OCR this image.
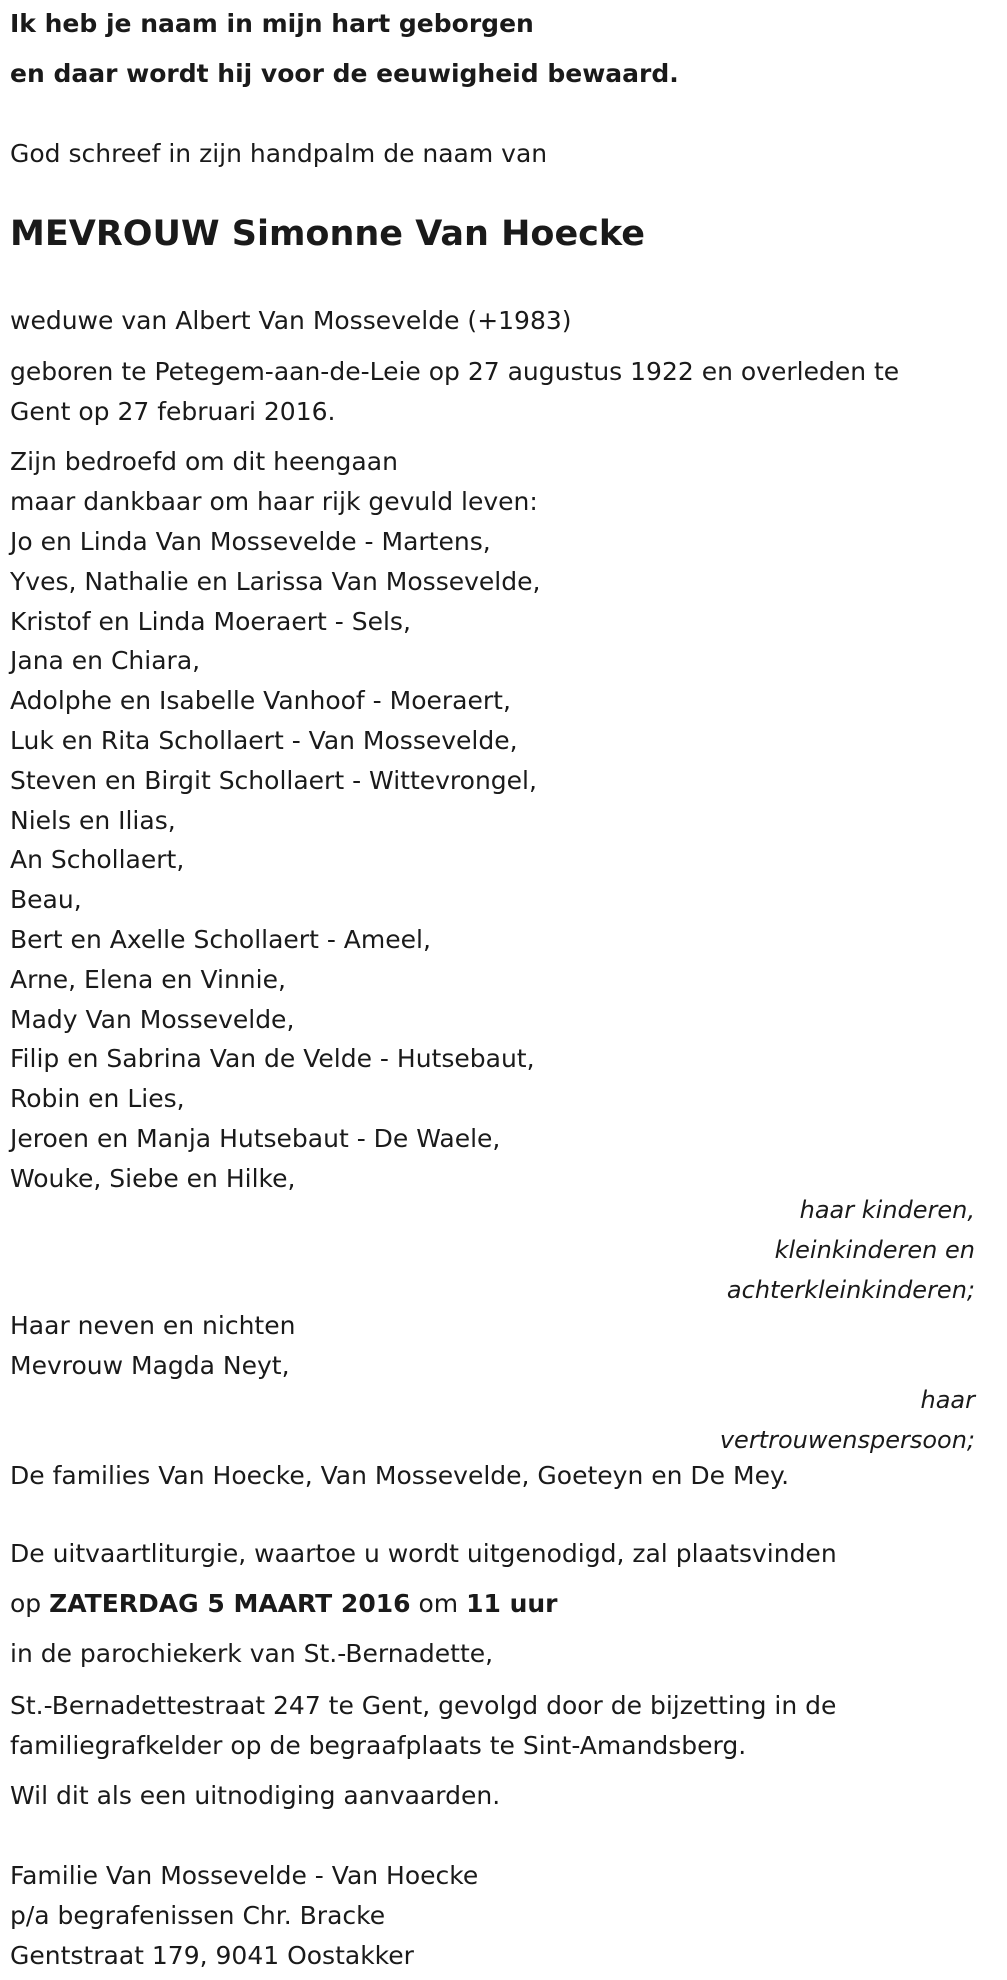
Ik heb je naam in mijn hart geborgen
en daar wordt hij voor de eeuwigheid bewaard.
God schreef in zijn handpalm de naam van
MEVROUW Simonne Van Hoecke
weduwe van Albert Van Mossevelde (+1983)
geboren te Petegem-aan-de-Leie op 27 augustus 1922 en overleden te
Gent op 27 februari 2016.
Zijn bedroefd om dit heengaan
maar dankbaar om haar rijk gevuld leven:
Jo en Linda Van Mossevelde - Martens,
Yves, Nathalie en Larissa Van Mossevelde,
Kristof en Linda Moeraert - Sels,
Jana en Chiara,
Adolphe en Isabelle Vanhoof - Moeraert,
Luk en Rita Schollaert - Van Mossevelde,
Steven en Birgit Schollaert - Wittevrongel,
Niels en Ilias,
An Schollaert,
Beau,
Bert en Axelle Schollaert - Ameel,
Arne, Elena en Vinnie,
Mady Van Mossevelde,
Filip en Sabrina Van de Velde - Hutsebaut,
Robin en Lies,
Jeroen en Manja Hutsebaut - De Waele,
Wouke, Siebe en Hilke,
haar kinderen,
kleinkinderen en
achterkleinkinderen;
Haar neven en nichten
Mevrouw Magda Neyt,
haar
vertrouwenspersoon;
De families Van Hoecke, Van Mossevelde, Goeteyn en De Mey.
De uitvaartliturgie, waartoe u wordt uitgenodigd, zal plaatsvinden
op ZATERDAG 5 MAART 2016 om 11 uur
in de parochiekerk van St.-Bernadette,
St.-Bernadettestraat 247 te Gent, gevolgd door de bijzetting in de
familiegrafkelder op de begraafplaats te Sint-Amandsberg.
Wil dit als een uitnodiging aanvaarden.
Familie Van Mossevelde - Van Hoecke
p/a begrafenissen Chr. Bracke
Gentstraat 179, 9041 Oostakker
